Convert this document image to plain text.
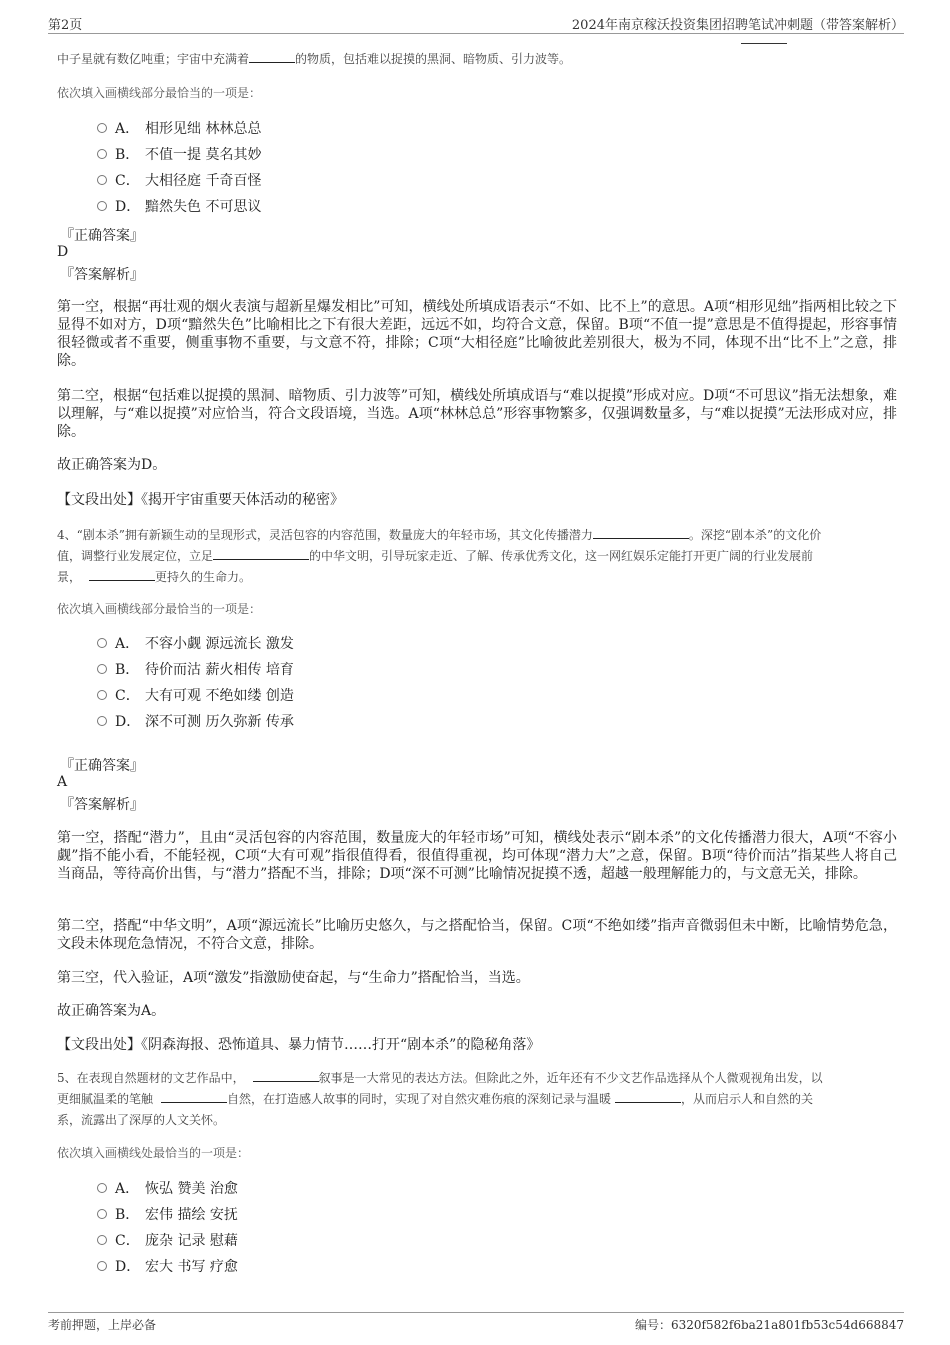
第2页	2024年南京稼沃投资集团招聘笔试冲刺题（带答案解析）
中子星就有数亿吨重；宇宙中充满着	的物质，包括难以捉摸的黑洞、暗物质、引力波等。
依次填入画横线部分最恰当的一项是：
A． 相形见绌 林林总总
B． 不值一提 莫名其妙
C． 大相径庭 千奇百怪
D． 黯然失色 不可思议
『正确答案』
D
『答案解析』
第一空，根据“再壮观的烟火表演与超新星爆发相比”可知，横线处所填成语表示“不如、比不上”的意思。A项“相形见绌”指两相比较之下显得不如对方，D项“黯然失色”比喻相比之下有很大差距，远远不如，均符合文意，保留。B项“不值一提”意思是不值得提起，形容事情很轻微或者不重要，侧重事物不重要，与文意不符，排除；C项“大相径庭”比喻彼此差别很大，极为不同，体现不出“比不上”之意，排除。
第二空，根据“包括难以捉摸的黑洞、暗物质、引力波等”可知，横线处所填成语与“难以捉摸”形成对应。D项“不可思议”指无法想象，难以理解，与“难以捉摸”对应恰当，符合文段语境，当选。A项“林林总总”形容事物繁多，仅强调数量多，与“难以捉摸”无法形成对应，排除。
故正确答案为D。
【文段出处】《揭开宇宙重要天体活动的秘密》
4、“剧本杀”拥有新颖生动的呈现形式，灵活包容的内容范围，数量庞大的年轻市场，其文化传播潜力	。深挖“剧本杀”的文化价
值，调整行业发展定位，立足	的中华文明，引导玩家走近、了解、传承优秀文化，这一网红娱乐定能打开更广阔的行业发展前
景，	更持久的生命力。
依次填入画横线部分最恰当的一项是：
A． 不容小觑 源远流长 激发
B． 待价而沽 薪火相传 培育
C． 大有可观 不绝如缕 创造
D． 深不可测 历久弥新 传承
『正确答案』
A
『答案解析』
第一空，搭配“潜力”，且由“灵活包容的内容范围，数量庞大的年轻市场”可知，横线处表示“剧本杀”的文化传播潜力很大，A项“不容小觑”指不能小看，不能轻视，C项“大有可观”指很值得看，很值得重视，均可体现“潜力大”之意，保留。B项“待价而沽”指某些人将自己当商品，等待高价出售，与“潜力”搭配不当，排除；D项“深不可测”比喻情况捉摸不透，超越一般理解能力的，与文意无关，排除。
第二空，搭配“中华文明”，A项“源远流长”比喻历史悠久，与之搭配恰当，保留。C项“不绝如缕”指声音微弱但未中断，比喻情势危急，文段未体现危急情况，不符合文意，排除。
第三空，代入验证，A项“激发”指激励使奋起，与“生命力”搭配恰当，当选。
故正确答案为A。
【文段出处】《阴森海报、恐怖道具、暴力情节……打开“剧本杀”的隐秘角落》
5、在表现自然题材的文艺作品中，	叙事是一大常见的表达方法。但除此之外，近年还有不少文艺作品选择从个人微观视角出发，以
更细腻温柔的笔触	自然，在打造感人故事的同时，实现了对自然灾难伤痕的深刻记录与温暖	，从而启示人和自然的关
系，流露出了深厚的人文关怀。
依次填入画横线处最恰当的一项是：
A． 恢弘 赞美 治愈
B． 宏伟 描绘 安抚
C． 庞杂 记录 慰藉
D． 宏大 书写 疗愈
考前押题，上岸必备	编号：6320f582f6ba21a801fb53c54d668847
